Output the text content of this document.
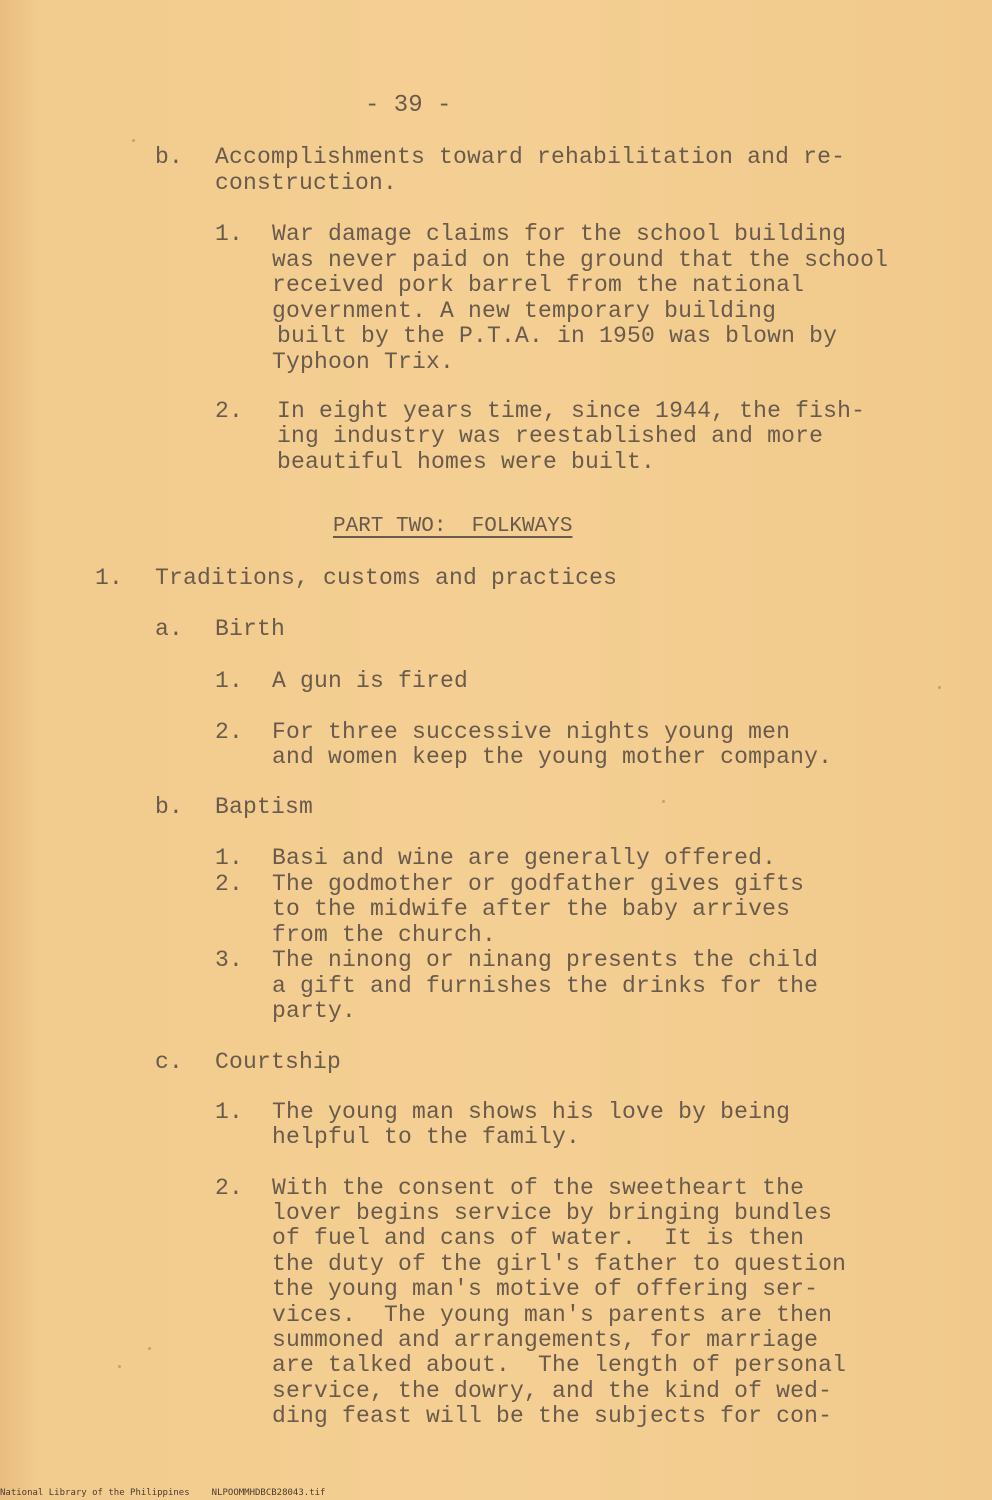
- 39 -
b. Accomplishments toward rehabilitation and re-
construction.
1. War damage claims for the school building
was never paid on the ground that the school
received pork barrel from the national
government. A new temporary building
built by the P.T.A. in 1950 was blown by
Typhoon Trix.
2. In eight years time, since 1944, the fish-
ing industry was reestablished and more
beautiful homes were built.
PART TWO:  FOLKWAYS
1. Traditions, customs and practices
a. Birth
1. A gun is fired
2. For three successive nights young men
and women keep the young mother company.
b. Baptism
1. Basi and wine are generally offered.
2. The godmother or godfather gives gifts
to the midwife after the baby arrives
from the church.
3. The ninong or ninang presents the child
a gift and furnishes the drinks for the
party.
c. Courtship
1. The young man shows his love by being
helpful to the family.
2. With the consent of the sweetheart the
lover begins service by bringing bundles
of fuel and cans of water.  It is then
the duty of the girl's father to question
the young man's motive of offering ser-
vices.  The young man's parents are then
summoned and arrangements, for marriage
are talked about.  The length of personal
service, the dowry, and the kind of wed-
ding feast will be the subjects for con-
National Library of the Philippines NLPOOMMHDBCB28043.tif
